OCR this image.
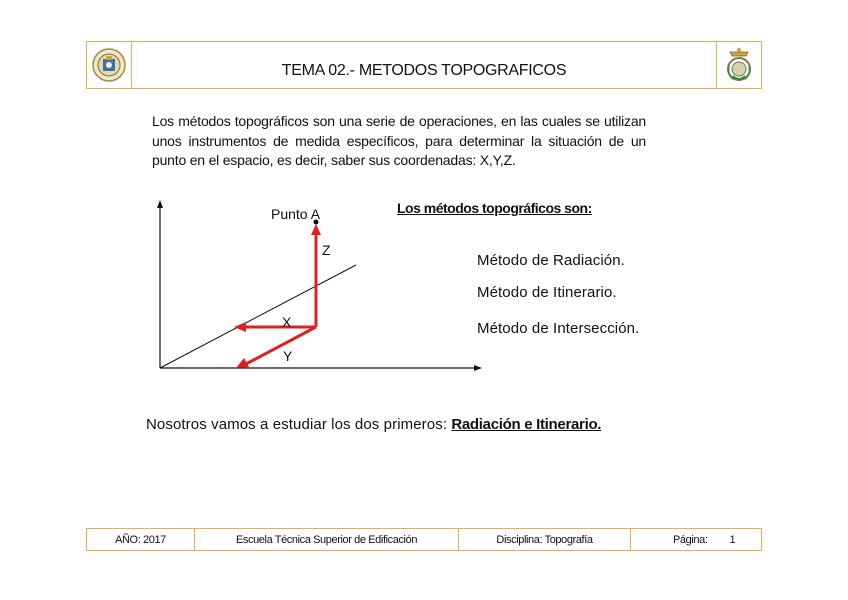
TEMA 02.- METODOS TOPOGRAFICOS
Los métodos topográficos son una serie de operaciones, en las cuales se utilizan unos instrumentos de medida específicos, para determinar la situación de un punto en el espacio, es decir, saber sus coordenadas: X,Y,Z.
Punto A
Z
X
Y
Los métodos topográficos son:
Método de Radiación.
Método de Itinerario.
Método de Intersección.
Nosotros vamos a estudiar los dos primeros: Radiación e Itinerario.
AÑO: 2017	Escuela Técnica Superior de Edificación	Disciplina: Topografía	Página: 1
